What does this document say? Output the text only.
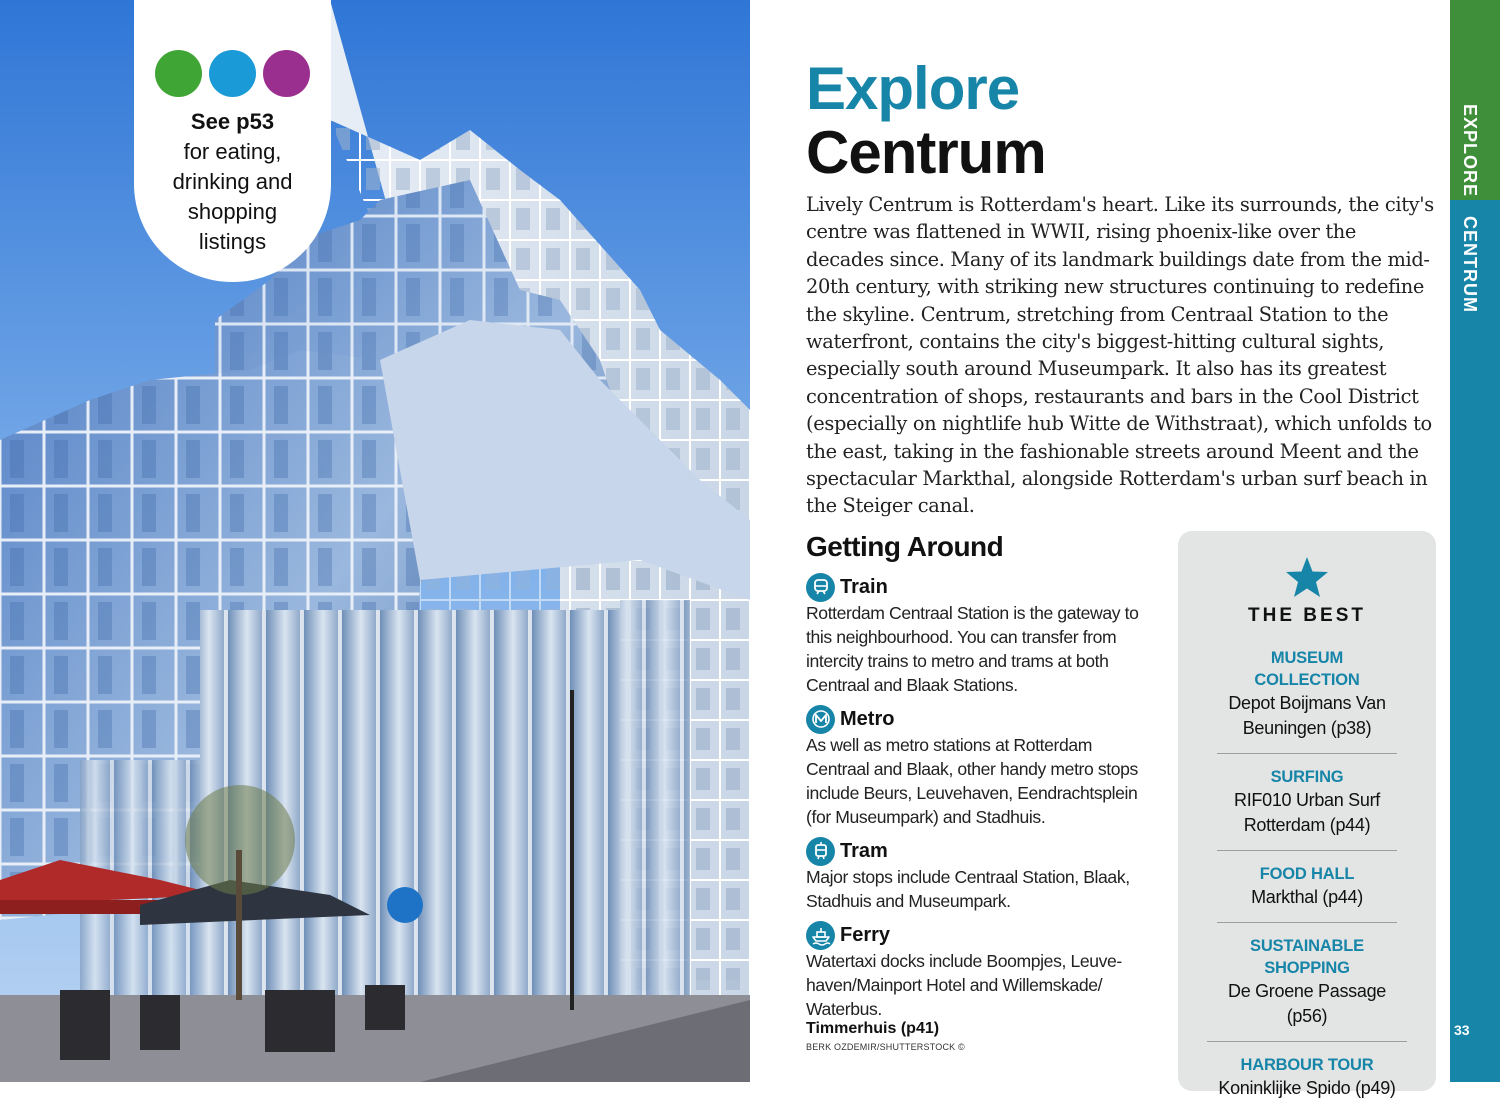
See p53
for eating, drinking and shopping listings
Explore
Centrum

Lively Centrum is Rotterdam's heart. Like its surrounds, the city's centre was flattened in WWII, rising phoenix-like over the decades since. Many of its landmark buildings date from the mid-20th century, with striking new structures continuing to redefine the skyline. Centrum, stretching from Centraal Station to the waterfront, contains the city's biggest-hitting cultural sights, especially south around Museumpark. It also has its greatest concentration of shops, restaurants and bars in the Cool District (especially on nightlife hub Witte de Withstraat), which unfolds to the east, taking in the fashionable streets around Meent and the spectacular Markthal, alongside Rotterdam's urban surf beach in the Steiger canal.

Getting Around
Train

Rotterdam Centraal Station is the gateway to this neighbourhood. You can transfer from intercity trains to metro and trams at both Centraal and Blaak Stations.

Metro

As well as metro stations at Rotterdam Centraal and Blaak, other handy metro stops include Beurs, Leuvehaven, Eendrachtsplein (for Museumpark) and Stadhuis.

Tram

Major stops include Centraal Station, Blaak, Stadhuis and Museumpark.

Ferry

Watertaxi docks include Boompjes, Leuve-haven/Mainport Hotel and Willemskade/ Waterbus.

Timmerhuis (p41)
BERK OZDEMIR/SHUTTERSTOCK ©
THE BEST
MUSEUM COLLECTION
Depot Boijmans Van Beuningen (p38)
SURFING
RIF010 Urban Surf Rotterdam (p44)
FOOD HALL
Markthal (p44)
SUSTAINABLE SHOPPING
De Groene Passage (p56)
HARBOUR TOUR
Koninklijke Spido (p49)
EXPLORE
CENTRUM
33
